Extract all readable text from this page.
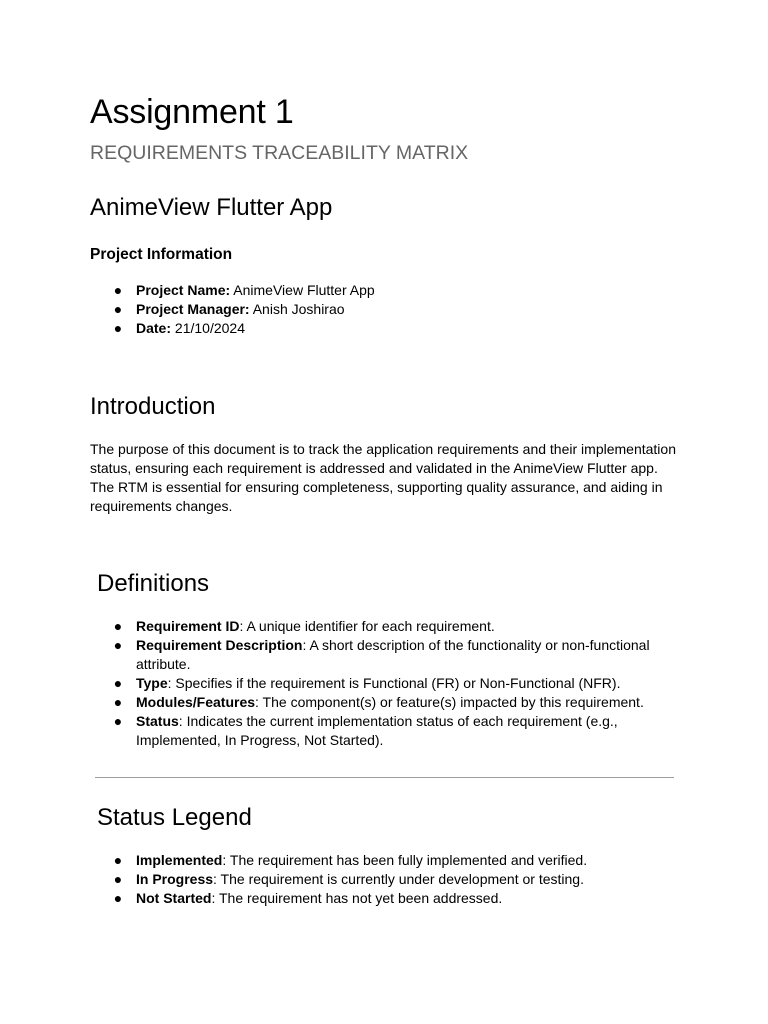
Assignment 1
REQUIREMENTS TRACEABILITY MATRIX
AnimeView Flutter App
Project Information
● Project Name: AnimeView Flutter App
● Project Manager: Anish Joshirao
● Date: 21/10/2024
Introduction
The purpose of this document is to track the application requirements and their implementation
status, ensuring each requirement is addressed and validated in the AnimeView Flutter app.
The RTM is essential for ensuring completeness, supporting quality assurance, and aiding in
requirements changes.
Definitions
● Requirement ID: A unique identifier for each requirement.
● Requirement Description: A short description of the functionality or non-functional
attribute.
● Type: Specifies if the requirement is Functional (FR) or Non-Functional (NFR).
● Modules/Features: The component(s) or feature(s) impacted by this requirement.
● Status: Indicates the current implementation status of each requirement (e.g.,
Implemented, In Progress, Not Started).
Status Legend
● Implemented: The requirement has been fully implemented and verified.
● In Progress: The requirement is currently under development or testing.
● Not Started: The requirement has not yet been addressed.
